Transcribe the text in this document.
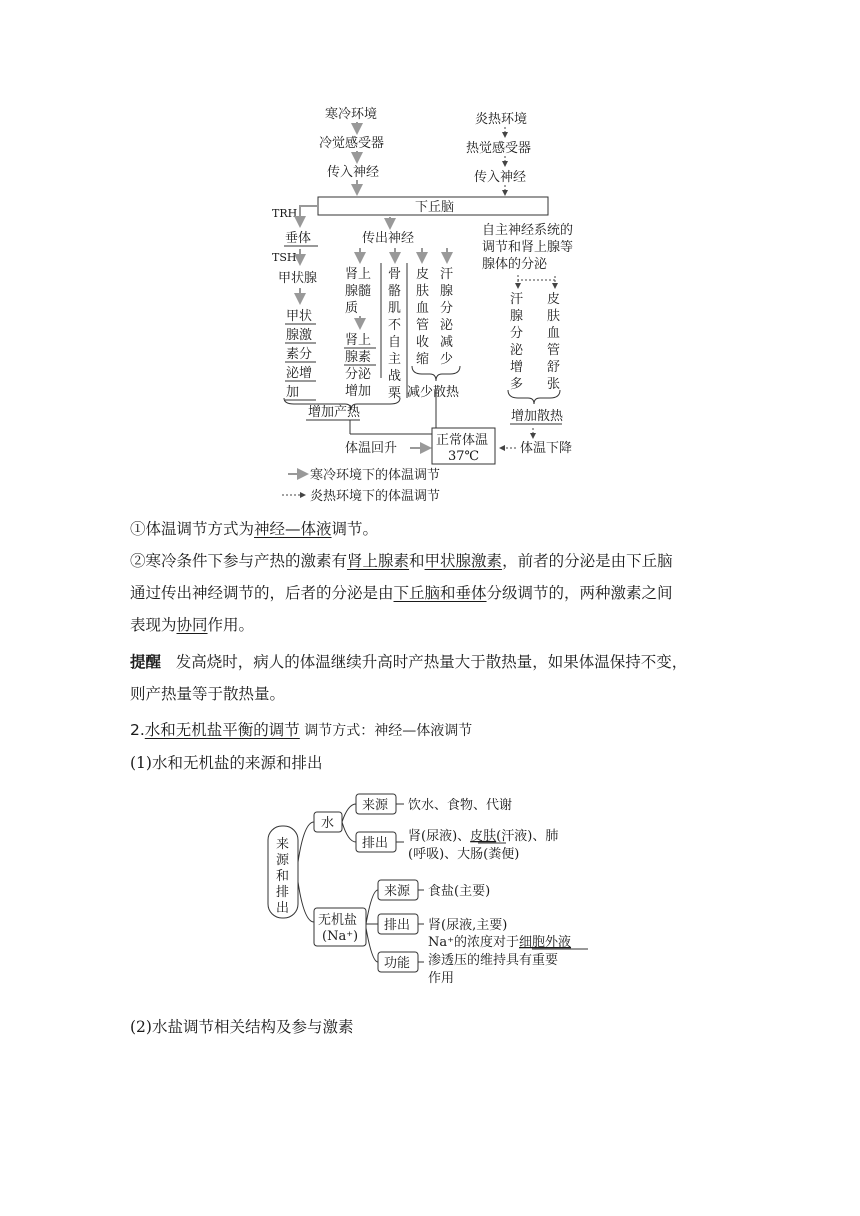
寒冷环境
冷觉感受器
传入神经
炎热环境
热觉感受器
传入神经
下丘脑
TRH
垂体
TSH
甲状腺
甲状
腺激
素分
泌增
加
传出神经
肾上
腺髓
质
肾上
腺素
分泌
增加
骨
骼
肌
不
自
主
战
栗
皮
肤
血
管
收
缩
汗
腺
分
泌
减
少
减少散热
自主神经系统的
调节和肾上腺等
腺体的分泌
汗
腺
分
泌
增
多
皮
肤
血
管
舒
张
增加散热
增加产热
体温回升
正常体温
37℃
体温下降
寒冷环境下的体温调节
炎热环境下的体温调节
①体温调节方式为神经—体液调节。
②寒冷条件下参与产热的激素有肾上腺素和甲状腺激素，前者的分泌是由下丘脑
通过传出神经调节的，后者的分泌是由下丘脑和垂体分级调节的，两种激素之间
表现为协同作用。
提醒 发高烧时，病人的体温继续升高时产热量大于散热量，如果体温保持不变，
则产热量等于散热量。
2.水和无机盐平衡的调节 调节方式：神经—体液调节
(1)水和无机盐的来源和排出
来
源
和
排
出
水
来源 饮水、食物、代谢
排出 肾(尿液)、皮肤(汗液)、肺
(呼吸)、大肠(粪便)
无机盐
(Na⁺)
来源 食盐(主要)
排出 肾(尿液,主要)
功能
Na⁺的浓度对于细胞外液
渗透压的维持具有重要
作用
(2)水盐调节相关结构及参与激素
